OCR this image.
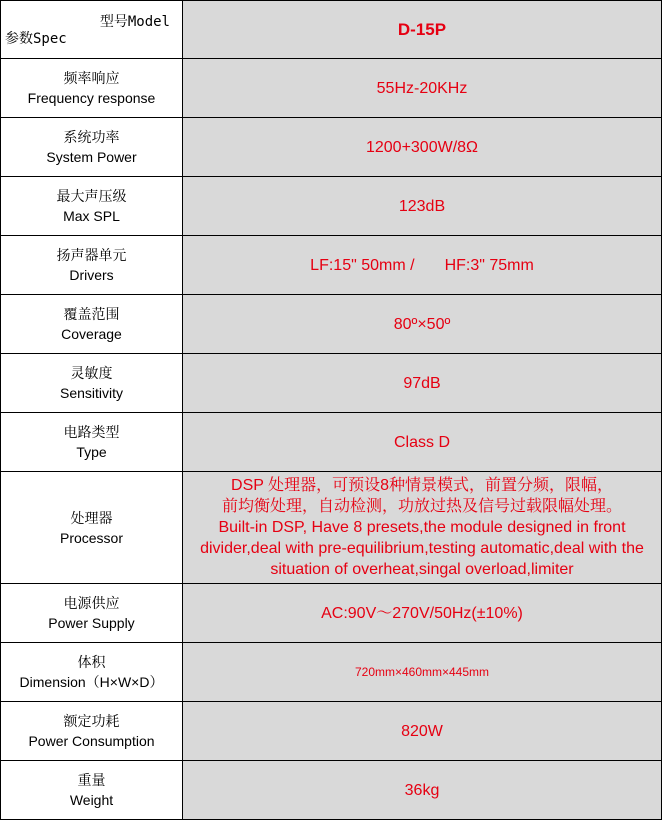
型号Model
参数Spec	D-15P

频率响应
Frequency response	55Hz-20KHz

系统功率
System Power	1200+300W/8Ω

最大声压级
Max SPL	123dB

扬声器单元
Drivers	LF:15" 50mm / HF:3" 75mm

覆盖范围
Coverage	80º×50º

灵敏度
Sensitivity	97dB

电路类型
Type	Class D

处理器
Processor	DSP 处理器，可预设8种情景模式，前置分频，限幅，
前均衡处理，自动检测，功放过热及信号过载限幅处理。
Built-in DSP, Have 8 presets,the module designed in front divider,deal with pre-equilibrium,testing automatic,deal with the situation of overheat,singal overload,limiter

电源供应
Power Supply	AC:90V～270V/50Hz(±10%)

体积
Dimension（H×W×D）	720mm×460mm×445mm

额定功耗
Power Consumption	820W

重量
Weight	36kg
